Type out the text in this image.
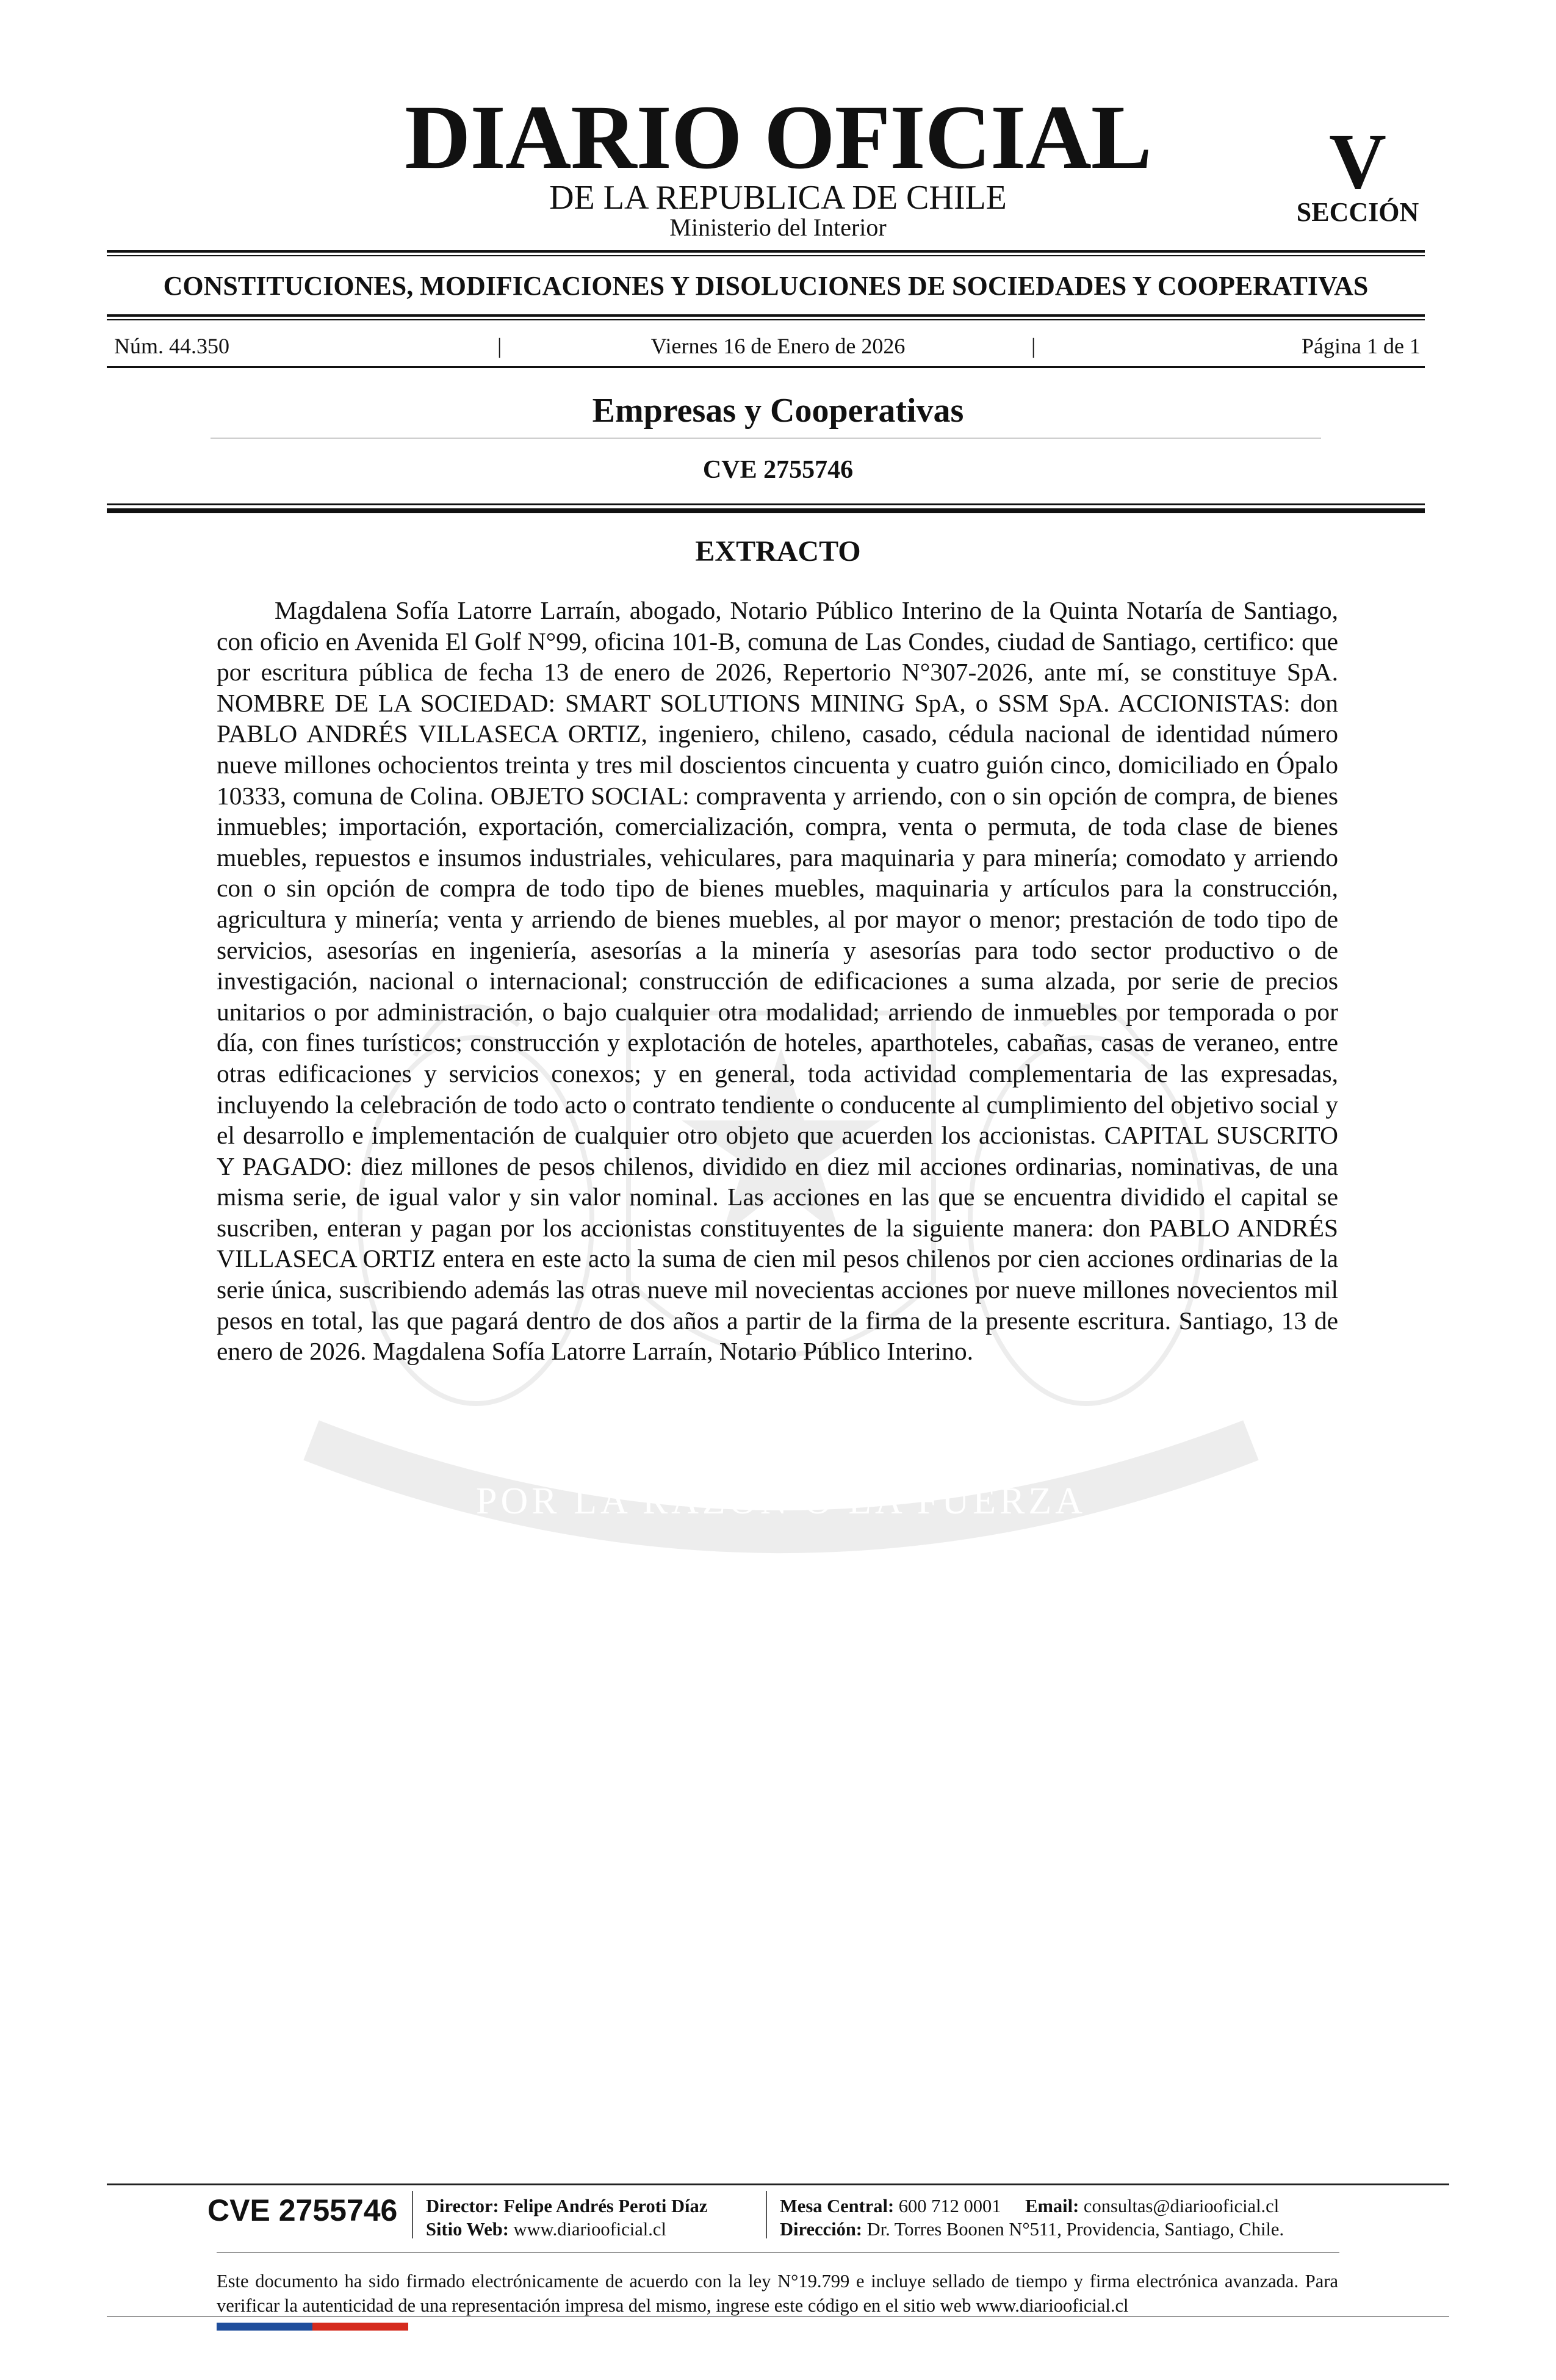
DIARIO OFICIAL
DE LA REPUBLICA DE CHILE
Ministerio del Interior
V
SECCIÓN
CONSTITUCIONES, MODIFICACIONES Y DISOLUCIONES DE SOCIEDADES Y COOPERATIVAS
Núm. 44.350	|	Viernes 16 de Enero de 2026	|	Página 1 de 1
Empresas y Cooperativas
CVE 2755746
POR LA RAZON O LA FUERZA
EXTRACTO
Magdalena Sofía Latorre Larraín, abogado, Notario Público Interino de la Quinta Notaría de Santiago, con oficio en Avenida El Golf N°99, oficina 101-B, comuna de Las Condes, ciudad de Santiago, certifico: que por escritura pública de fecha 13 de enero de 2026, Repertorio N°307-2026, ante mí, se constituye SpA. NOMBRE DE LA SOCIEDAD: SMART SOLUTIONS MINING SpA, o SSM SpA. ACCIONISTAS: don PABLO ANDRÉS VILLASECA ORTIZ, ingeniero, chileno, casado, cédula nacional de identidad número nueve millones ochocientos treinta y tres mil doscientos cincuenta y cuatro guión cinco, domiciliado en Ópalo 10333, comuna de Colina. OBJETO SOCIAL: compraventa y arriendo, con o sin opción de compra, de bienes inmuebles; importación, exportación, comercialización, compra, venta o permuta, de toda clase de bienes muebles, repuestos e insumos industriales, vehiculares, para maquinaria y para minería; comodato y arriendo con o sin opción de compra de todo tipo de bienes muebles, maquinaria y artículos para la construcción, agricultura y minería; venta y arriendo de bienes muebles, al por mayor o menor; prestación de todo tipo de servicios, asesorías en ingeniería, asesorías a la minería y asesorías para todo sector productivo o de investigación, nacional o internacional; construcción de edificaciones a suma alzada, por serie de precios unitarios o por administración, o bajo cualquier otra modalidad; arriendo de inmuebles por temporada o por día, con fines turísticos; construcción y explotación de hoteles, aparthoteles, cabañas, casas de veraneo, entre otras edificaciones y servicios conexos; y en general, toda actividad complementaria de las expresadas, incluyendo la celebración de todo acto o contrato tendiente o conducente al cumplimiento del objetivo social y el desarrollo e implementación de cualquier otro objeto que acuerden los accionistas. CAPITAL SUSCRITO Y PAGADO: diez millones de pesos chilenos, dividido en diez mil acciones ordinarias, nominativas, de una misma serie, de igual valor y sin valor nominal. Las acciones en las que se encuentra dividido el capital se suscriben, enteran y pagan por los accionistas constituyentes de la siguiente manera: don PABLO ANDRÉS VILLASECA ORTIZ entera en este acto la suma de cien mil pesos chilenos por cien acciones ordinarias de la serie única, suscribiendo además las otras nueve mil novecientas acciones por nueve millones novecientos mil pesos en total, las que pagará dentro de dos años a partir de la firma de la presente escritura. Santiago, 13 de enero de 2026. Magdalena Sofía Latorre Larraín, Notario Público Interino.
CVE 2755746 Director: Felipe Andrés Peroti Díaz
Sitio Web: www.diariooficial.cl
Mesa Central: 600 712 0001 Email: consultas@diariooficial.cl
Dirección: Dr. Torres Boonen N°511, Providencia, Santiago, Chile.
Este documento ha sido firmado electrónicamente de acuerdo con la ley N°19.799 e incluye sellado de tiempo y firma electrónica avanzada. Para verificar la autenticidad de una representación impresa del mismo, ingrese este código en el sitio web www.diariooficial.cl
